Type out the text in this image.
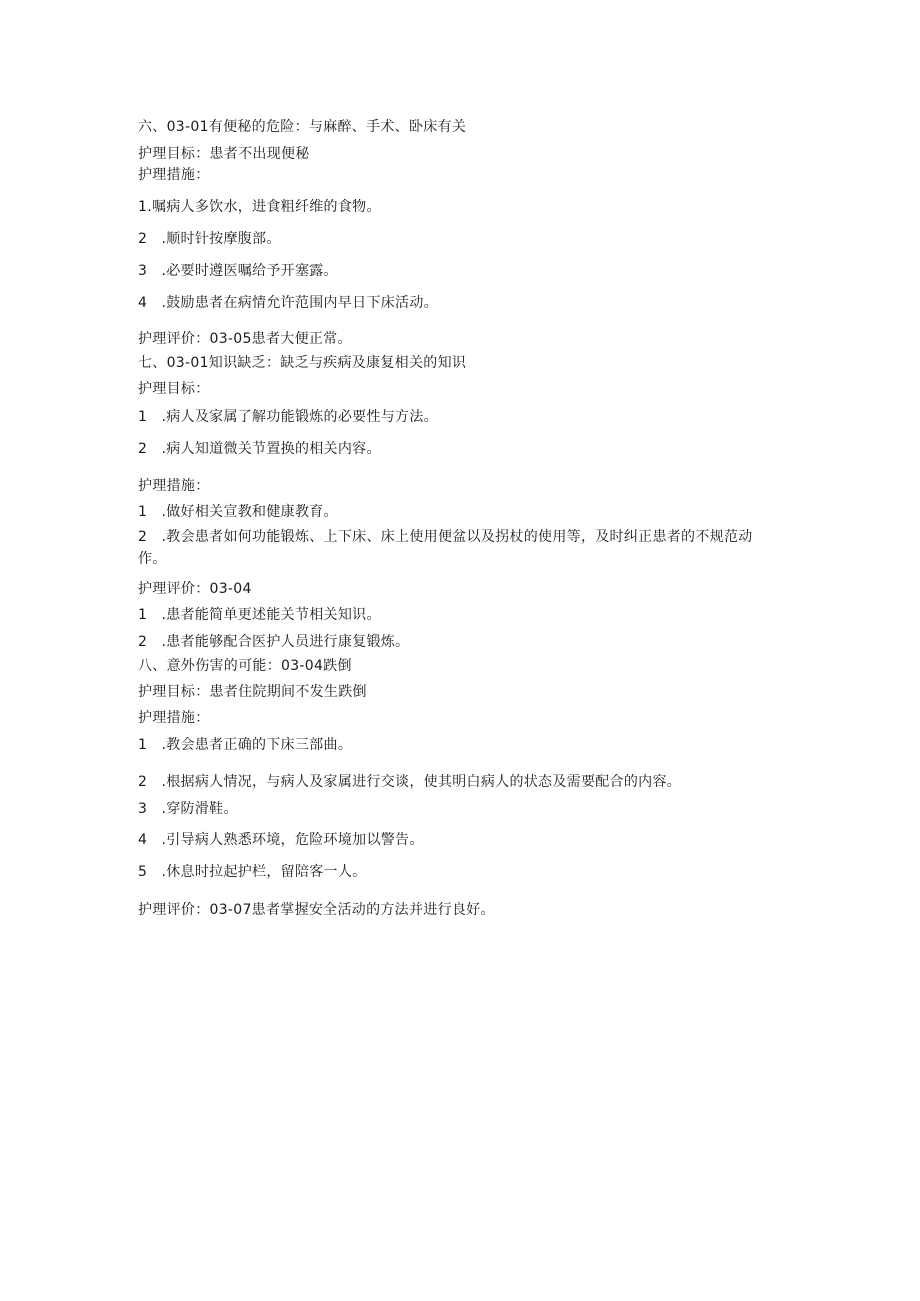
六、03-01有便秘的危险：与麻醉、手术、卧床有关
护理目标：患者不出现便秘
护理措施：
1.嘱病人多饮水，进食粗纤维的食物。
2　.顺时针按摩腹部。
3　.必要时遵医嘱给予开塞露。
4　.鼓励患者在病情允许范围内早日下床活动。
护理评价：03-05患者大便正常。
七、03-01知识缺乏：缺乏与疾病及康复相关的知识
护理目标：
1　.病人及家属了解功能锻炼的必要性与方法。
2　.病人知道微关节置换的相关内容。
护理措施：
1　.做好相关宣教和健康教育。
2　.教会患者如何功能锻炼、上下床、床上使用便盆以及拐杖的使用等，及时纠正患者的不规范动作。
护理评价：03-04
1　.患者能简单更述能关节相关知识。
2　.患者能够配合医护人员进行康复锻炼。
八、意外伤害的可能：03-04跌倒
护理目标：患者住院期间不发生跌倒
护理措施：
1　.教会患者正确的下床三部曲。
2　.根据病人情况，与病人及家属进行交谈，使其明白病人的状态及需要配合的内容。
3　.穿防滑鞋。
4　.引导病人熟悉环境，危险环境加以警告。
5　.休息时拉起护栏，留陪客一人。
护理评价：03-07患者掌握安全活动的方法并进行良好。
